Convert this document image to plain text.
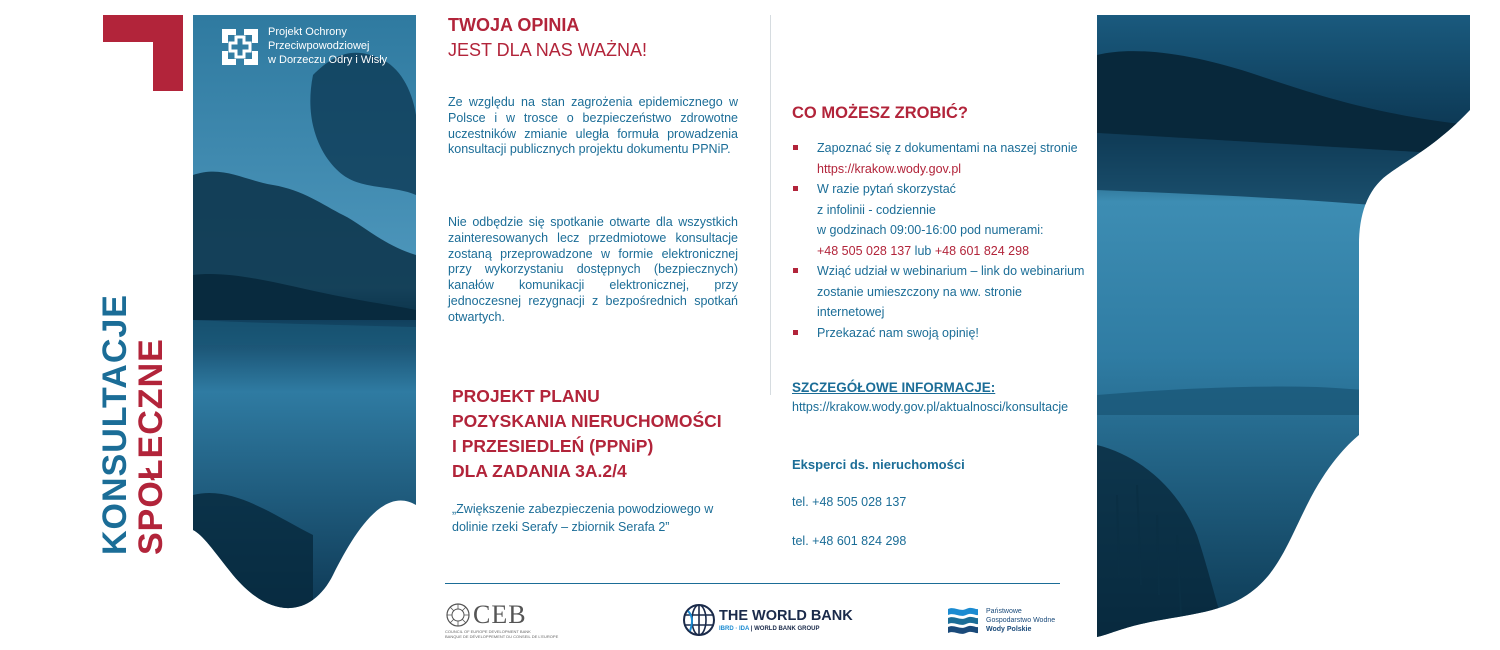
KONSULTACJE
SPOŁECZNE
Projekt Ochrony
Przeciwpowodziowej
w Dorzeczu Odry i Wisły

TWOJA OPINIA

JEST DLA NAS WAŻNA!

Ze względu na stan zagrożenia epidemicznego w Polsce i w trosce o bezpieczeństwo zdrowotne uczestników zmianie uległa formuła prowadzenia konsultacji publicznych projektu dokumentu PPNiP.

Nie odbędzie się spotkanie otwarte dla wszystkich zainteresowanych lecz przedmiotowe konsultacje zostaną przeprowadzone w formie elektronicznej przy wykorzystaniu dostępnych (bezpiecznych) kanałów komunikacji elektronicznej, przy jednoczesnej rezygnacji z bezpośrednich spotkań otwartych.

PROJEKT PLANU
POZYSKANIA NIERUCHOMOŚCI
I PRZESIEDLEŃ (PPNiP)
DLA ZADANIA 3A.2/4
„Zwiększenie zabezpieczenia powodziowego w dolinie rzeki Serafy – zbiornik Serafa 2”
CO MOŻESZ ZROBIĆ?
Zapoznać się z dokumentami na naszej stronie https://krakow.wody.gov.pl
W razie pytań skorzystać
z infolinii - codziennie
w godzinach 09:00-16:00 pod numerami:
+48 505 028 137 lub +48 601 824 298
Wziąć udział w webinarium – link do webinarium zostanie umieszczony na ww. stronie internetowej
Przekazać nam swoją opinię!
SZCZEGÓŁOWE INFORMACJE:
https://krakow.wody.gov.pl/aktualnosci/konsultacje
Eksperci ds. nieruchomości
tel. +48 505 028 137
tel. +48 601 824 298
CEB
COUNCIL OF EUROPE DEVELOPMENT BANK
BANQUE DE DÉVELOPPEMENT DU CONSEIL DE L'EUROPE
THE WORLD BANK
IBRD · IDA | WORLD BANK GROUP
Państwowe
Gospodarstwo Wodne
Wody Polskie
